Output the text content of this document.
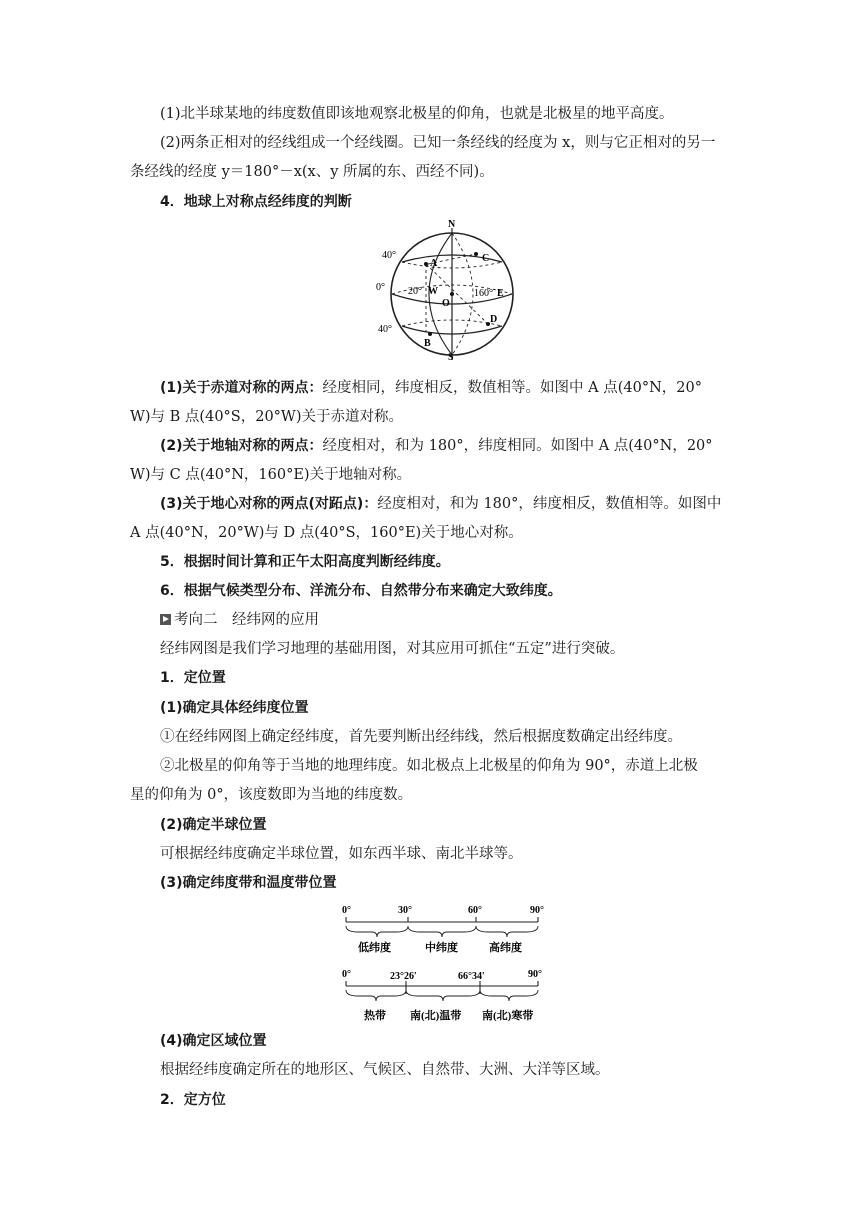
(1)北半球某地的纬度数值即该地观察北极星的仰角，也就是北极星的地平高度。
(2)两条正相对的经线组成一个经线圈。已知一条经线的经度为 x，则与它正相对的另一
条经线的经度 y＝180°－x(x、y 所属的东、西经不同)。
4．地球上对称点经纬度的判断
N
S
40°
0°
40°
A	C
20° W
O
160° E
D
B
(1)关于赤道对称的两点：经度相同，纬度相反，数值相等。如图中 A 点(40°N，20°
W)与 B 点(40°S，20°W)关于赤道对称。
(2)关于地轴对称的两点：经度相对，和为 180°，纬度相同。如图中 A 点(40°N，20°
W)与 C 点(40°N，160°E)关于地轴对称。
(3)关于地心对称的两点(对跖点)：经度相对，和为 180°，纬度相反，数值相等。如图中
A 点(40°N，20°W)与 D 点(40°S，160°E)关于地心对称。
5．根据时间计算和正午太阳高度判断经纬度。
6．根据气候类型分布、洋流分布、自然带分布来确定大致纬度。
考向二　经纬网的应用
经纬网图是我们学习地理的基础用图，对其应用可抓住“五定”进行突破。
1．定位置
(1)确定具体经纬度位置
①在经纬网图上确定经纬度，首先要判断出经纬线，然后根据度数确定出经纬度。
②北极星的仰角等于当地的地理纬度。如北极点上北极星的仰角为 90°，赤道上北极
星的仰角为 0°，该度数即为当地的纬度数。
(2)确定半球位置
可根据经纬度确定半球位置，如东西半球、南北半球等。
(3)确定纬度带和温度带位置
0°	30°	60°	90°
低纬度	中纬度	高纬度
0°	23°26′	66°34′	90°
热带 南(北)温带 南(北)寒带
(4)确定区域位置
根据经纬度确定所在的地形区、气候区、自然带、大洲、大洋等区域。
2．定方位
